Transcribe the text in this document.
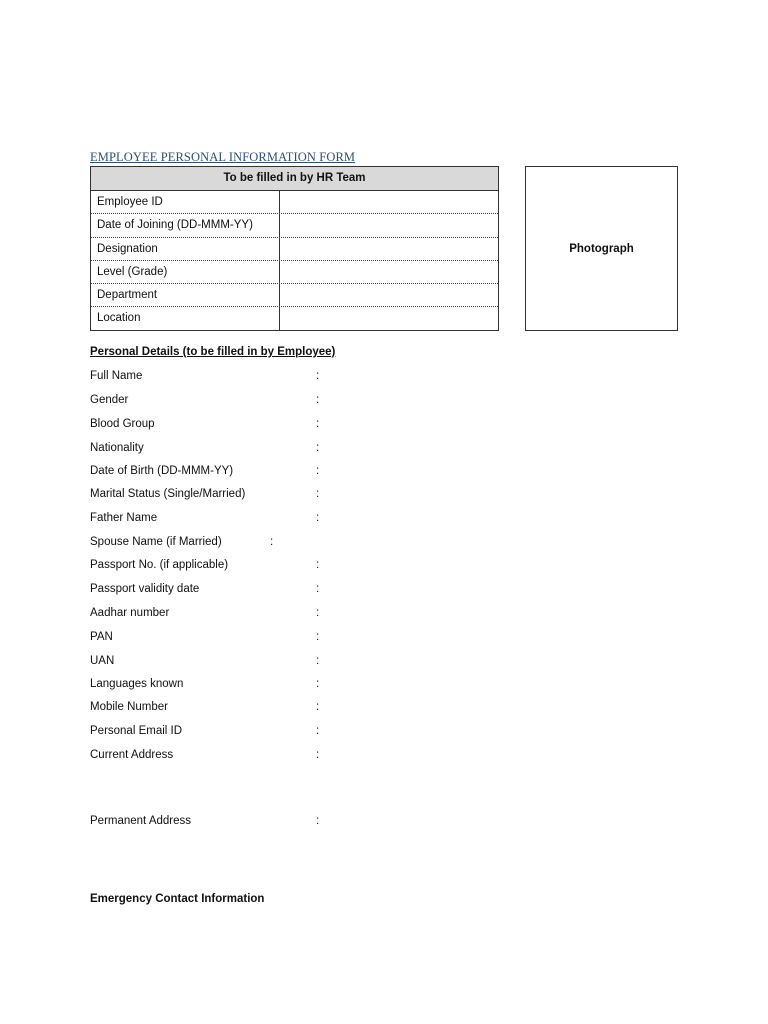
EMPLOYEE PERSONAL INFORMATION FORM
To be filled in by HR Team
Employee ID
Date of Joining (DD-MMM-YY)
Designation
Level (Grade)
Department
Location
Photograph
Personal Details (to be filled in by Employee)
Full Name	:
Gender	:
Blood Group	:
Nationality	:
Date of Birth (DD-MMM-YY)	:
Marital Status (Single/Married)	:
Father Name	:
Spouse Name (if Married)	:
Passport No. (if applicable)	:
Passport validity date	:
Aadhar number	:
PAN	:
UAN	:
Languages known	:
Mobile Number	:
Personal Email ID	:
Current Address	:
Permanent Address	:
Emergency Contact Information
